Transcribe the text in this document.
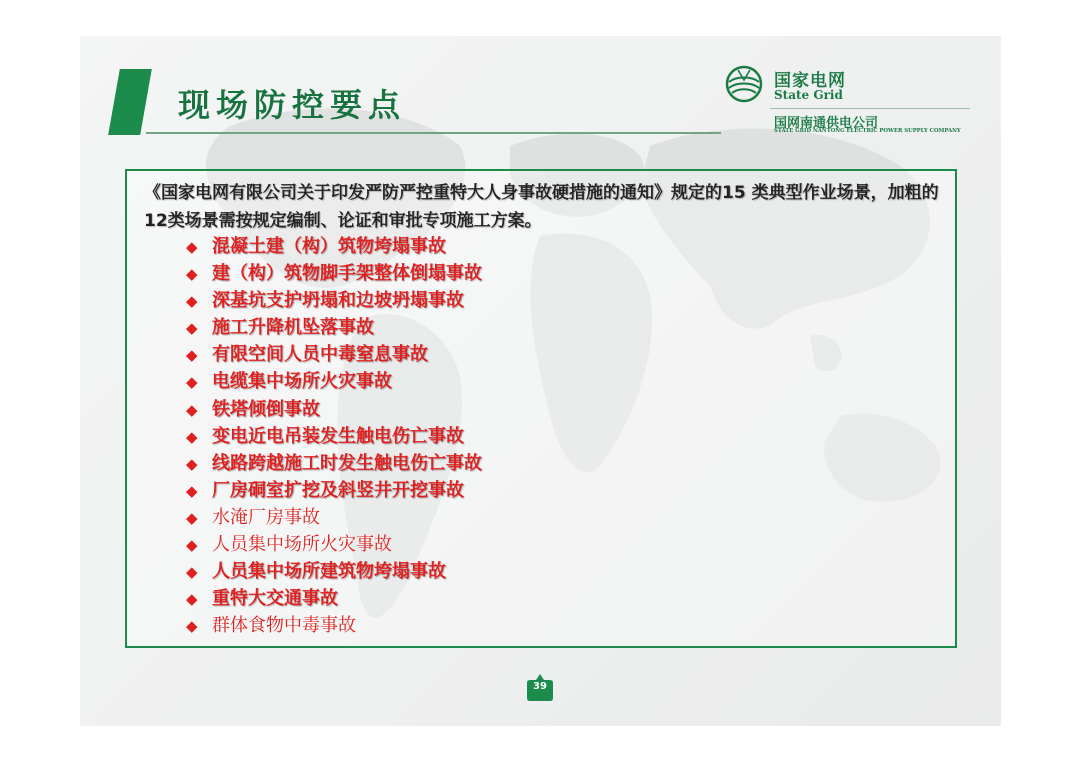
现场防控要点
国家电网
State Grid
国网南通供电公司
STATE GRID NANTONG ELECTRIC POWER SUPPLY COMPANY
《国家电网有限公司关于印发严防严控重特大人身事故硬措施的通知》规定的15 类典型作业场景，加粗的12类场景需按规定编制、论证和审批专项施工方案。
◆ 混凝土建（构）筑物垮塌事故
◆ 建（构）筑物脚手架整体倒塌事故
◆ 深基坑支护坍塌和边坡坍塌事故
◆ 施工升降机坠落事故
◆ 有限空间人员中毒窒息事故
◆ 电缆集中场所火灾事故
◆ 铁塔倾倒事故
◆ 变电近电吊装发生触电伤亡事故
◆ 线路跨越施工时发生触电伤亡事故
◆ 厂房硐室扩挖及斜竖井开挖事故
◆ 水淹厂房事故
◆ 人员集中场所火灾事故
◆ 人员集中场所建筑物垮塌事故
◆ 重特大交通事故
◆ 群体食物中毒事故
39
